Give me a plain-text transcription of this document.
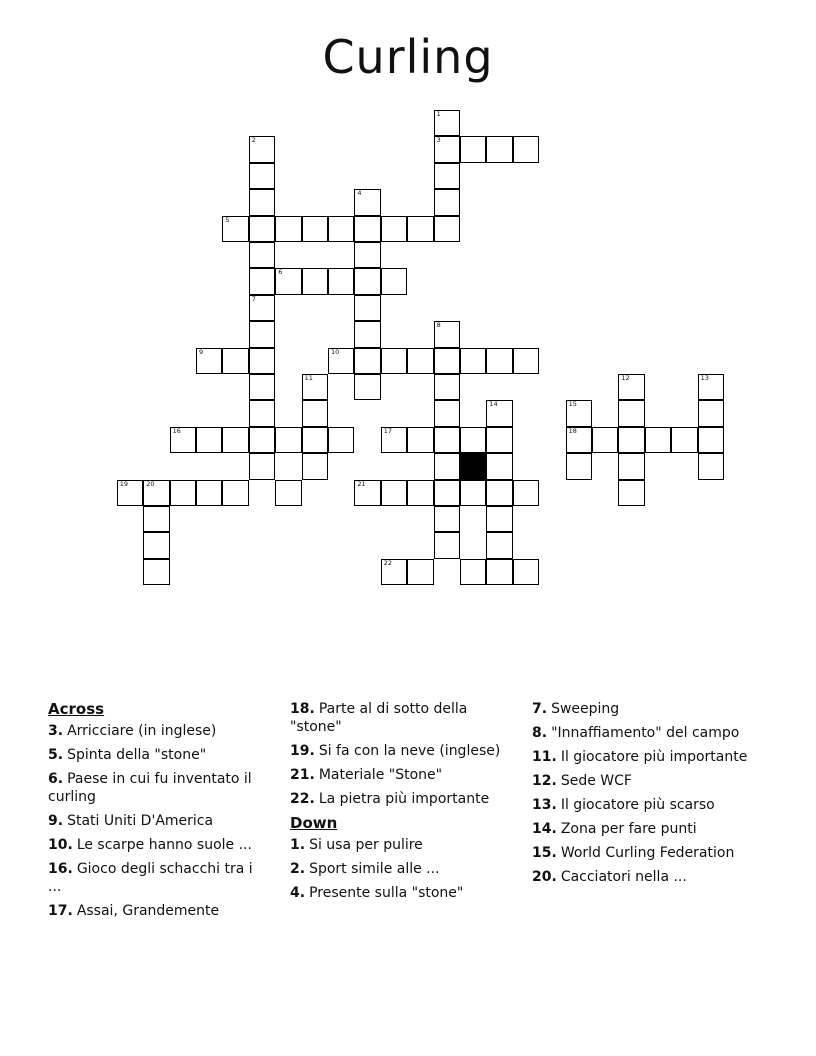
Curling
1
3
2
7
4
5
6
8
9	10
11	12	13
14	15
18
16	17
19	20	21
22
Across
3. Arricciare (in inglese)
5. Spinta della "stone"
6. Paese in cui fu inventato il curling
9. Stati Uniti D'America
10. Le scarpe hanno suole ...
16. Gioco degli schacchi tra i ...
17. Assai, Grandemente
18. Parte al di sotto della "stone"
19. Si fa con la neve (inglese)
21. Materiale "Stone"
22. La pietra più importante
Down
1. Si usa per pulire
2. Sport simile alle ...
4. Presente sulla "stone"
7. Sweeping
8. "Innaffiamento" del campo
11. Il giocatore più importante
12. Sede WCF
13. Il giocatore più scarso
14. Zona per fare punti
15. World Curling Federation
20. Cacciatori nella ...
